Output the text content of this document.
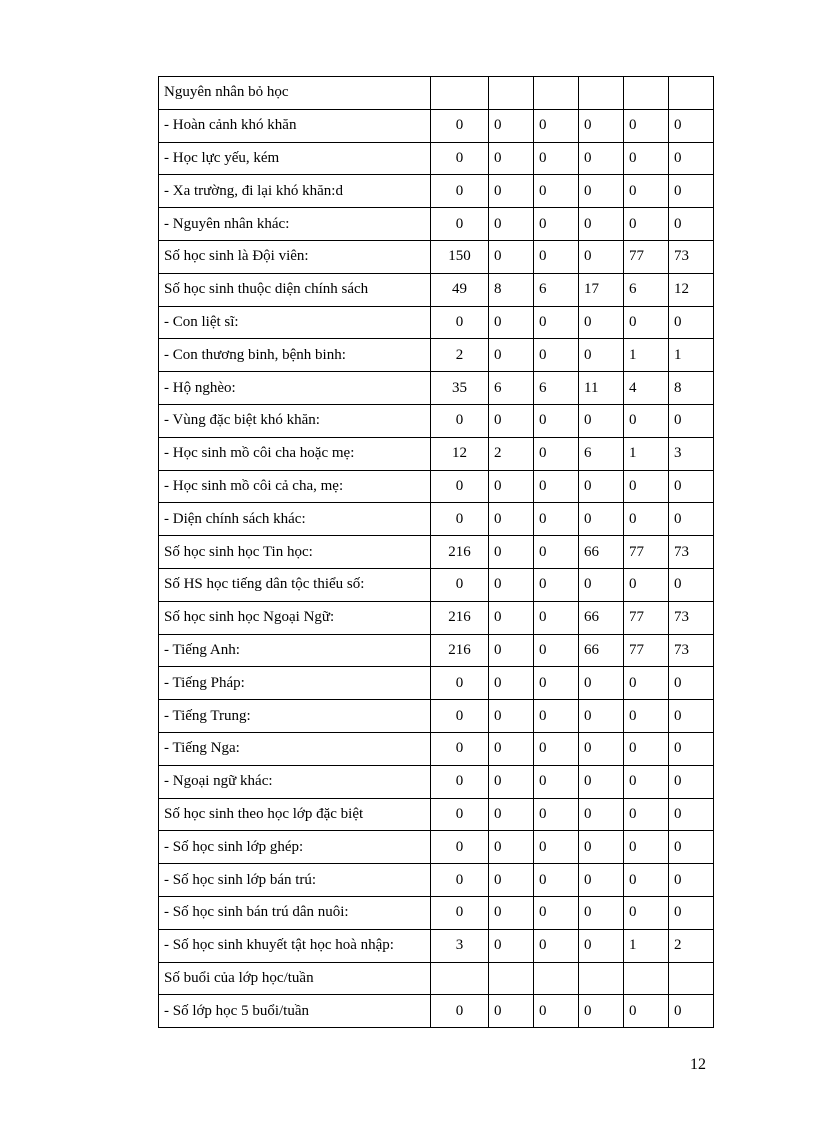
Nguyên nhân bỏ học						
- Hoàn cảnh khó khăn	0	0	0	0	0	0
- Học lực yếu, kém	0	0	0	0	0	0
- Xa trường, đi lại khó khăn:d	0	0	0	0	0	0
- Nguyên nhân khác:	0	0	0	0	0	0
Số học sinh là Đội viên:	150	0	0	0	77	73
Số học sinh thuộc diện chính sách	49	8	6	17	6	12
- Con liệt sĩ:	0	0	0	0	0	0
- Con thương binh, bệnh binh:	2	0	0	0	1	1
- Hộ nghèo:	35	6	6	11	4	8
- Vùng đặc biệt khó khăn:	0	0	0	0	0	0
- Học sinh mồ côi cha hoặc mẹ:	12	2	0	6	1	3
- Học sinh mồ côi cả cha, mẹ:	0	0	0	0	0	0
- Diện chính sách khác:	0	0	0	0	0	0
Số học sinh học Tin học:	216	0	0	66	77	73
Số HS học tiếng dân tộc thiểu số:	0	0	0	0	0	0
Số học sinh học Ngoại Ngữ:	216	0	0	66	77	73
- Tiếng Anh:	216	0	0	66	77	73
- Tiếng Pháp:	0	0	0	0	0	0
- Tiếng Trung:	0	0	0	0	0	0
- Tiếng Nga:	0	0	0	0	0	0
- Ngoại ngữ khác:	0	0	0	0	0	0
Số học sinh theo học lớp đặc biệt	0	0	0	0	0	0
- Số học sinh lớp ghép:	0	0	0	0	0	0
- Số học sinh lớp bán trú:	0	0	0	0	0	0
- Số học sinh bán trú dân nuôi:	0	0	0	0	0	0
- Số học sinh khuyết tật học hoà nhập:	3	0	0	0	1	2
Số buổi của lớp học/tuần						
- Số lớp học 5 buổi/tuần	0	0	0	0	0	0
12
